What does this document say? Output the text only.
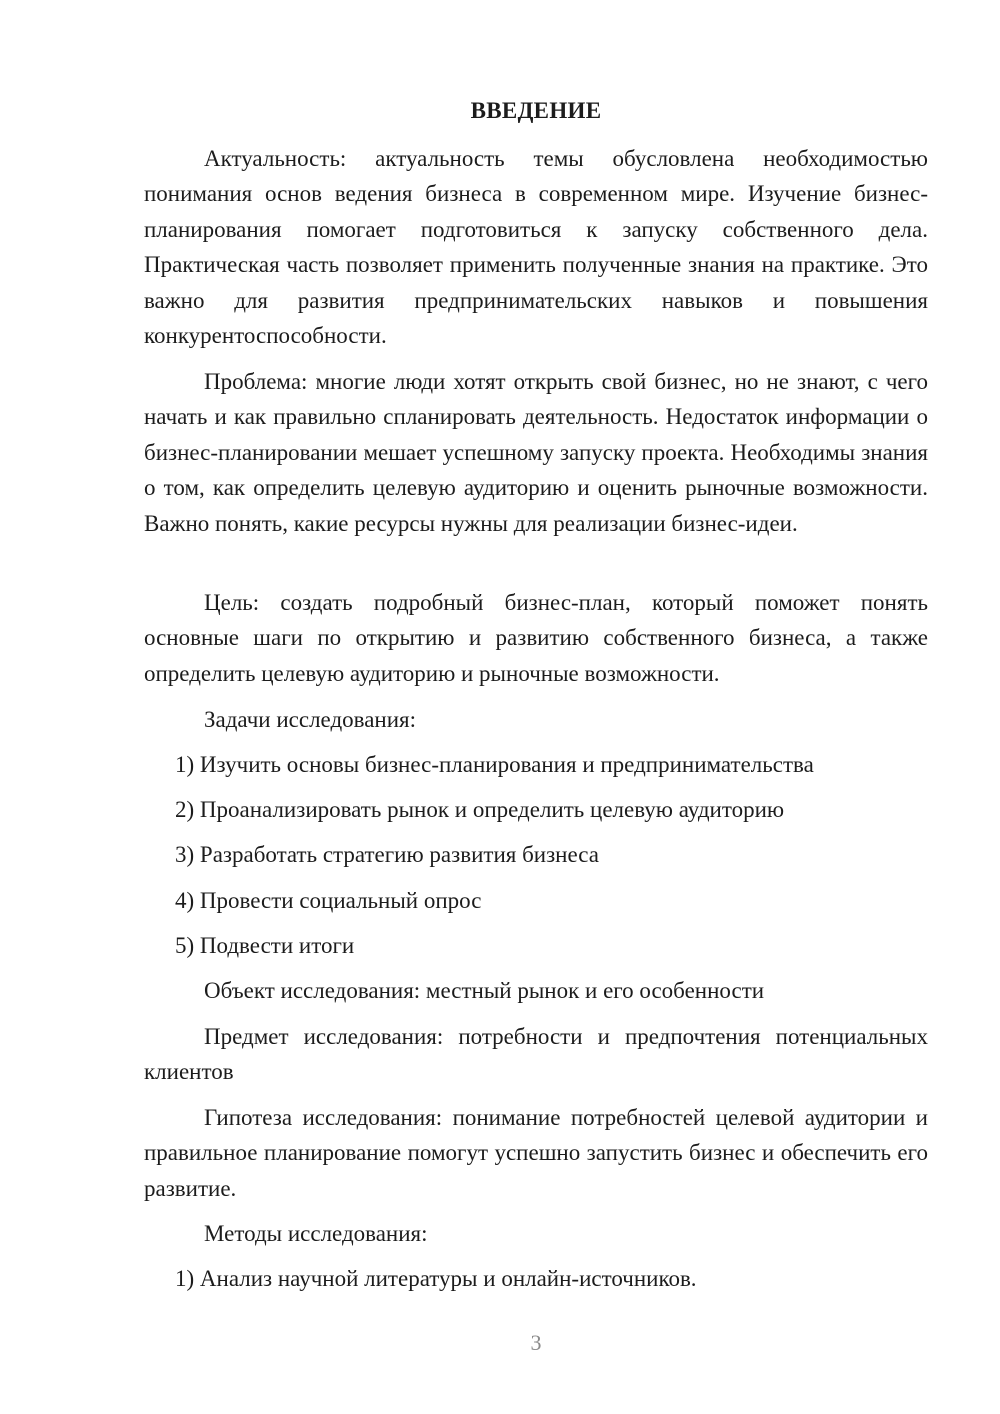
ВВЕДЕНИЕ

Актуальность: актуальность темы обусловлена необходимостью понимания основ ведения бизнеса в современном мире. Изучение бизнес-планирования помогает подготовиться к запуску собственного дела. Практическая часть позволяет применить полученные знания на практике. Это важно для развития предпринимательских навыков и повышения конкурентоспособности.

Проблема: многие люди хотят открыть свой бизнес, но не знают, с чего начать и как правильно спланировать деятельность. Недостаток информации о бизнес-планировании мешает успешному запуску проекта. Необходимы знания о том, как определить целевую аудиторию и оценить рыночные возможности. Важно понять, какие ресурсы нужны для реализации бизнес-идеи.

Цель: создать подробный бизнес-план, который поможет понять основные шаги по открытию и развитию собственного бизнеса, а также определить целевую аудиторию и рыночные возможности.

Задачи исследования:

1) Изучить основы бизнес-планирования и предпринимательства

2) Проанализировать рынок и определить целевую аудиторию

3) Разработать стратегию развития бизнеса

4) Провести социальный опрос

5) Подвести итоги

Объект исследования: местный рынок и его особенности

Предмет исследования: потребности и предпочтения потенциальных клиентов

Гипотеза исследования: понимание потребностей целевой аудитории и правильное планирование помогут успешно запустить бизнес и обеспечить его развитие.

Методы исследования:

1) Анализ научной литературы и онлайн-источников.

3
